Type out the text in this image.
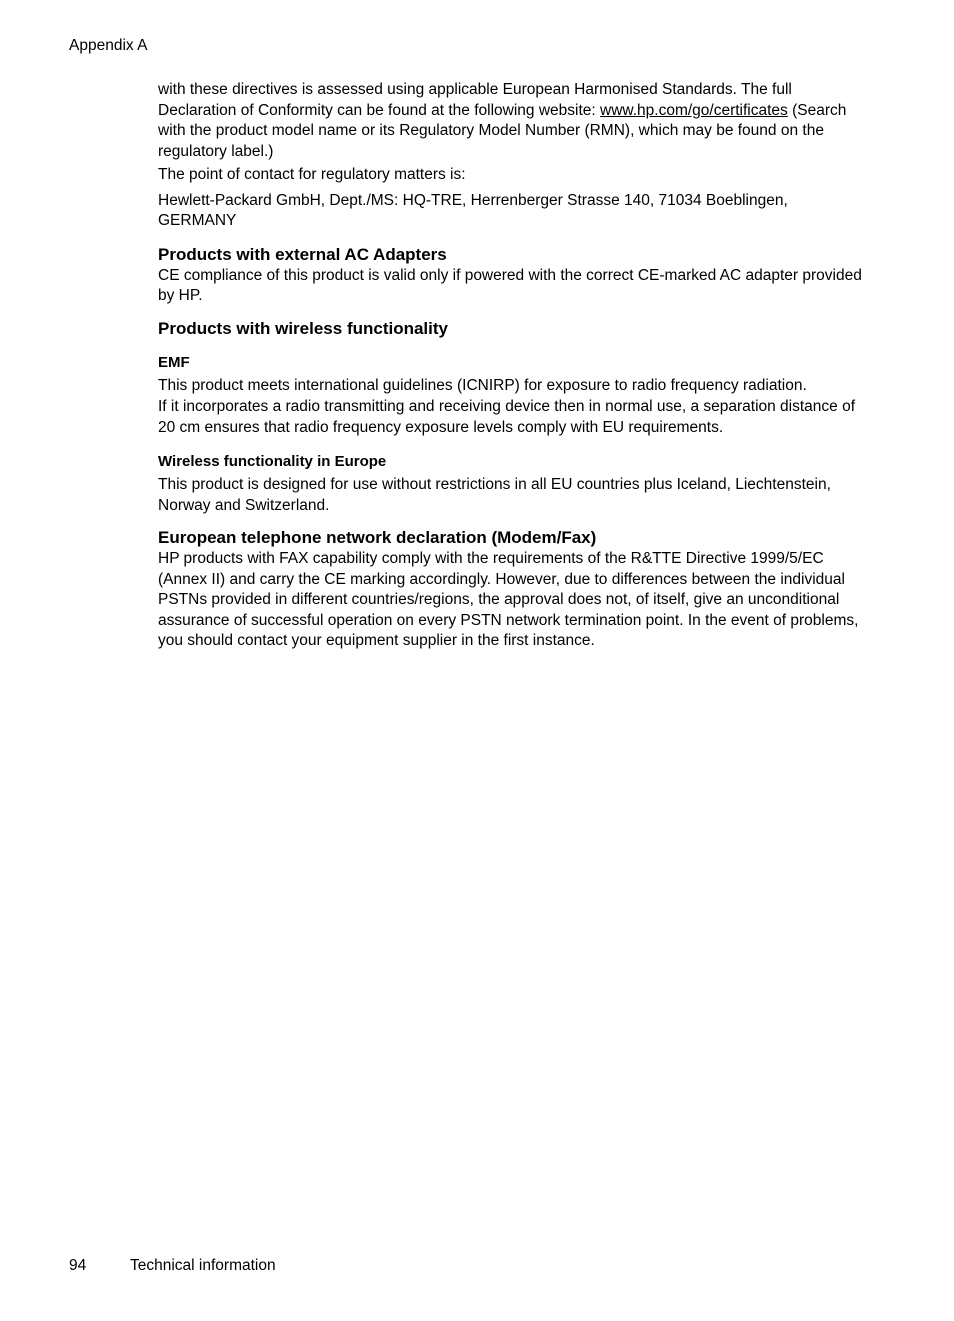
Appendix A

with these directives is assessed using applicable European Harmonised Standards. The full Declaration of Conformity can be found at the following website: www.hp.com/go/certificates (Search with the product model name or its Regulatory Model Number (RMN), which may be found on the regulatory label.)

The point of contact for regulatory matters is:

Hewlett-Packard GmbH, Dept./MS: HQ-TRE, Herrenberger Strasse 140, 71034 Boeblingen, GERMANY

Products with external AC Adapters

CE compliance of this product is valid only if powered with the correct CE-marked AC adapter provided by HP.

Products with wireless functionality
EMF

This product meets international guidelines (ICNIRP) for exposure to radio frequency radiation.

If it incorporates a radio transmitting and receiving device then in normal use, a separation distance of 20 cm ensures that radio frequency exposure levels comply with EU requirements.

Wireless functionality in Europe

This product is designed for use without restrictions in all EU countries plus Iceland, Liechtenstein, Norway and Switzerland.

European telephone network declaration (Modem/Fax)

HP products with FAX capability comply with the requirements of the R&TTE Directive 1999/5/EC (Annex II) and carry the CE marking accordingly. However, due to differences between the individual PSTNs provided in different countries/regions, the approval does not, of itself, give an unconditional assurance of successful operation on every PSTN network termination point. In the event of problems, you should contact your equipment supplier in the first instance.

94	Technical information
